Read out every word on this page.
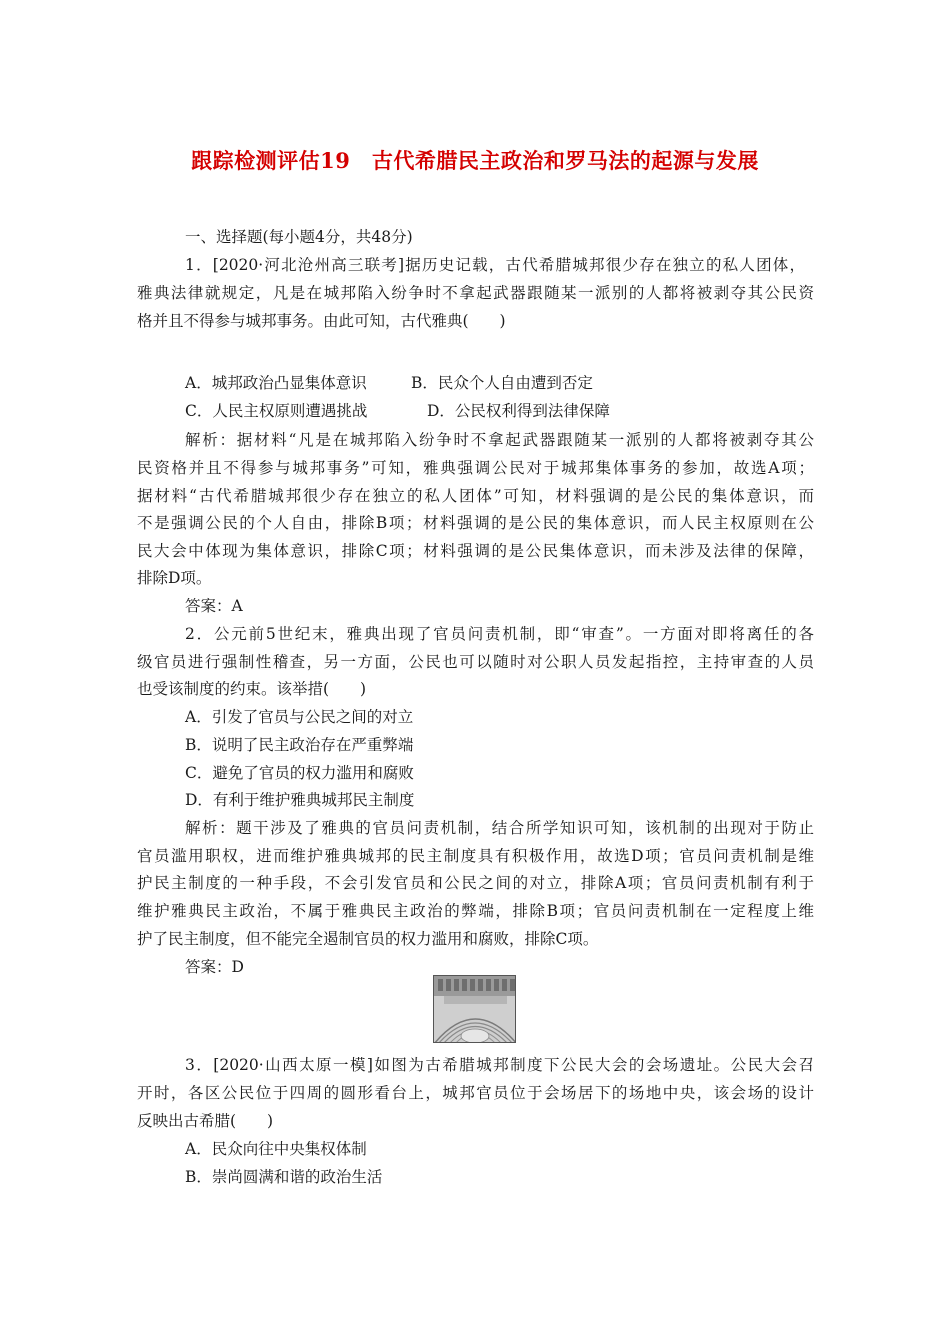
跟踪检测评估19　古代希腊民主政治和罗马法的起源与发展
一、选择题(每小题4分，共48分)
1．[2020·河北沧州高三联考]据历史记载，古代希腊城邦很少存在独立的私人团体，
雅典法律就规定，凡是在城邦陷入纷争时不拿起武器跟随某一派别的人都将被剥夺其公民资
格并且不得参与城邦事务。由此可知，古代雅典(　　)
A．城邦政治凸显集体意识	B．民众个人自由遭到否定
C．人民主权原则遭遇挑战	D．公民权利得到法律保障
解析：据材料“凡是在城邦陷入纷争时不拿起武器跟随某一派别的人都将被剥夺其公
民资格并且不得参与城邦事务”可知，雅典强调公民对于城邦集体事务的参加，故选A项；
据材料“古代希腊城邦很少存在独立的私人团体”可知，材料强调的是公民的集体意识，而
不是强调公民的个人自由，排除B项；材料强调的是公民的集体意识，而人民主权原则在公
民大会中体现为集体意识，排除C项；材料强调的是公民集体意识，而未涉及法律的保障，
排除D项。
答案：A
2．公元前5世纪末，雅典出现了官员问责机制，即“审查”。一方面对即将离任的各
级官员进行强制性稽查，另一方面，公民也可以随时对公职人员发起指控，主持审查的人员
也受该制度的约束。该举措(　　)
A．引发了官员与公民之间的对立
B．说明了民主政治存在严重弊端
C．避免了官员的权力滥用和腐败
D．有利于维护雅典城邦民主制度
解析：题干涉及了雅典的官员问责机制，结合所学知识可知，该机制的出现对于防止
官员滥用职权，进而维护雅典城邦的民主制度具有积极作用，故选D项；官员问责机制是维
护民主制度的一种手段，不会引发官员和公民之间的对立，排除A项；官员问责机制有利于
维护雅典民主政治，不属于雅典民主政治的弊端，排除B项；官员问责机制在一定程度上维
护了民主制度，但不能完全遏制官员的权力滥用和腐败，排除C项。
答案：D
3．[2020·山西太原一模]如图为古希腊城邦制度下公民大会的会场遗址。公民大会召
开时，各区公民位于四周的圆形看台上，城邦官员位于会场居下的场地中央，该会场的设计
反映出古希腊(　　)
A．民众向往中央集权体制
B．崇尚圆满和谐的政治生活
